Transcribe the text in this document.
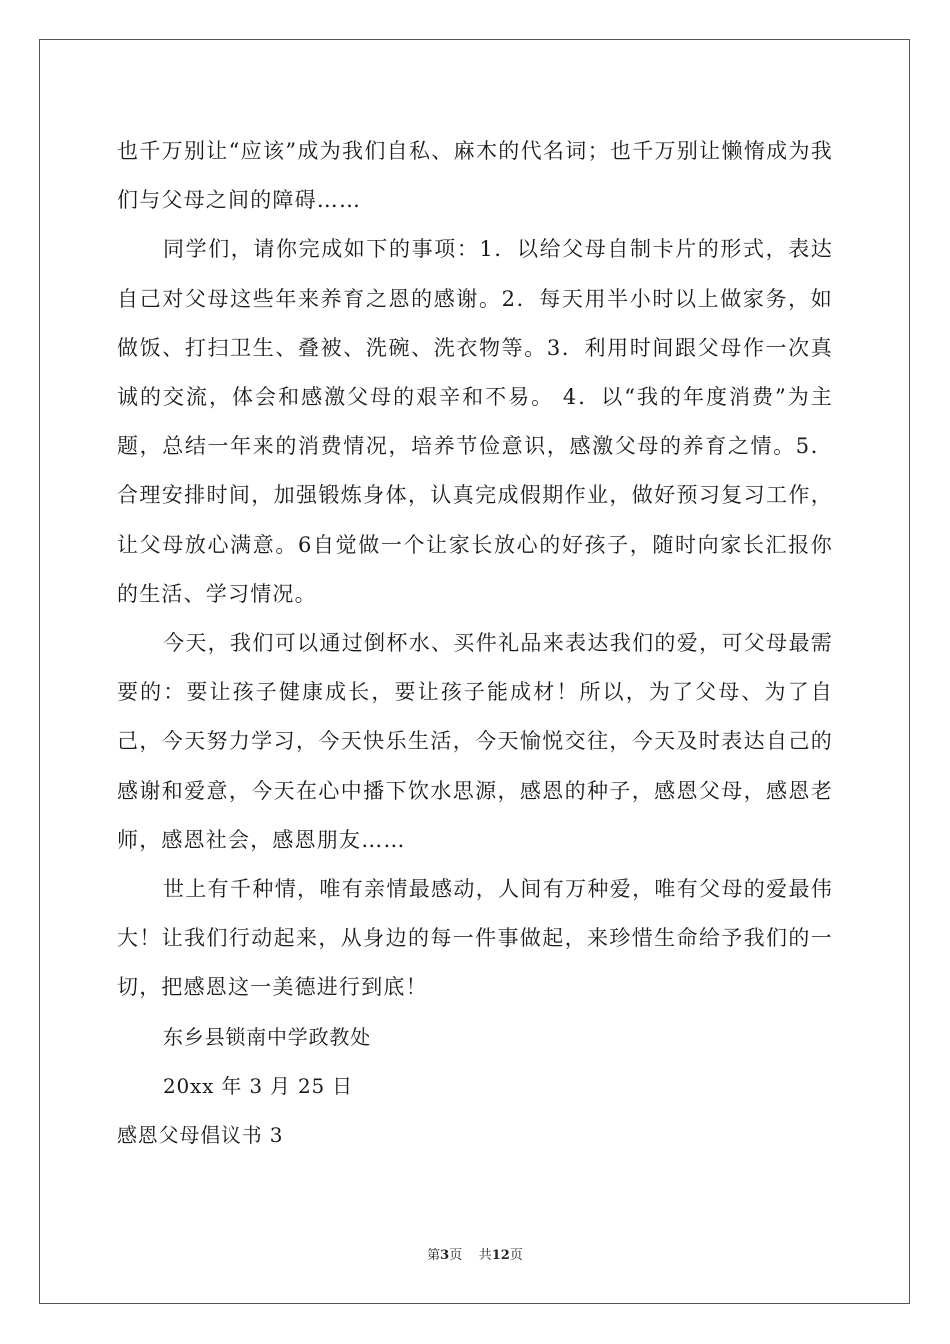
也千万别让“应该”成为我们自私、麻木的代名词；也千万别让懒惰成为我们与父母之间的障碍……

同学们，请你完成如下的事项：1．以给父母自制卡片的形式，表达自己对父母这些年来养育之恩的感谢。2．每天用半小时以上做家务，如做饭、打扫卫生、叠被、洗碗、洗衣物等。3．利用时间跟父母作一次真诚的交流，体会和感激父母的艰辛和不易。 4．以“我的年度消费”为主题，总结一年来的消费情况，培养节俭意识，感激父母的养育之情。5．合理安排时间，加强锻炼身体，认真完成假期作业，做好预习复习工作，让父母放心满意。6自觉做一个让家长放心的好孩子，随时向家长汇报你的生活、学习情况。

今天，我们可以通过倒杯水、买件礼品来表达我们的爱，可父母最需要的：要让孩子健康成长，要让孩子能成材！所以，为了父母、为了自己，今天努力学习，今天快乐生活，今天愉悦交往，今天及时表达自己的感谢和爱意，今天在心中播下饮水思源，感恩的种子，感恩父母，感恩老师，感恩社会，感恩朋友……

世上有千种情，唯有亲情最感动，人间有万种爱，唯有父母的爱最伟大！让我们行动起来，从身边的每一件事做起，来珍惜生命给予我们的一切，把感恩这一美德进行到底！

东乡县锁南中学政教处

20xx 年 3 月 25 日

感恩父母倡议书 3

第3页 共12页
